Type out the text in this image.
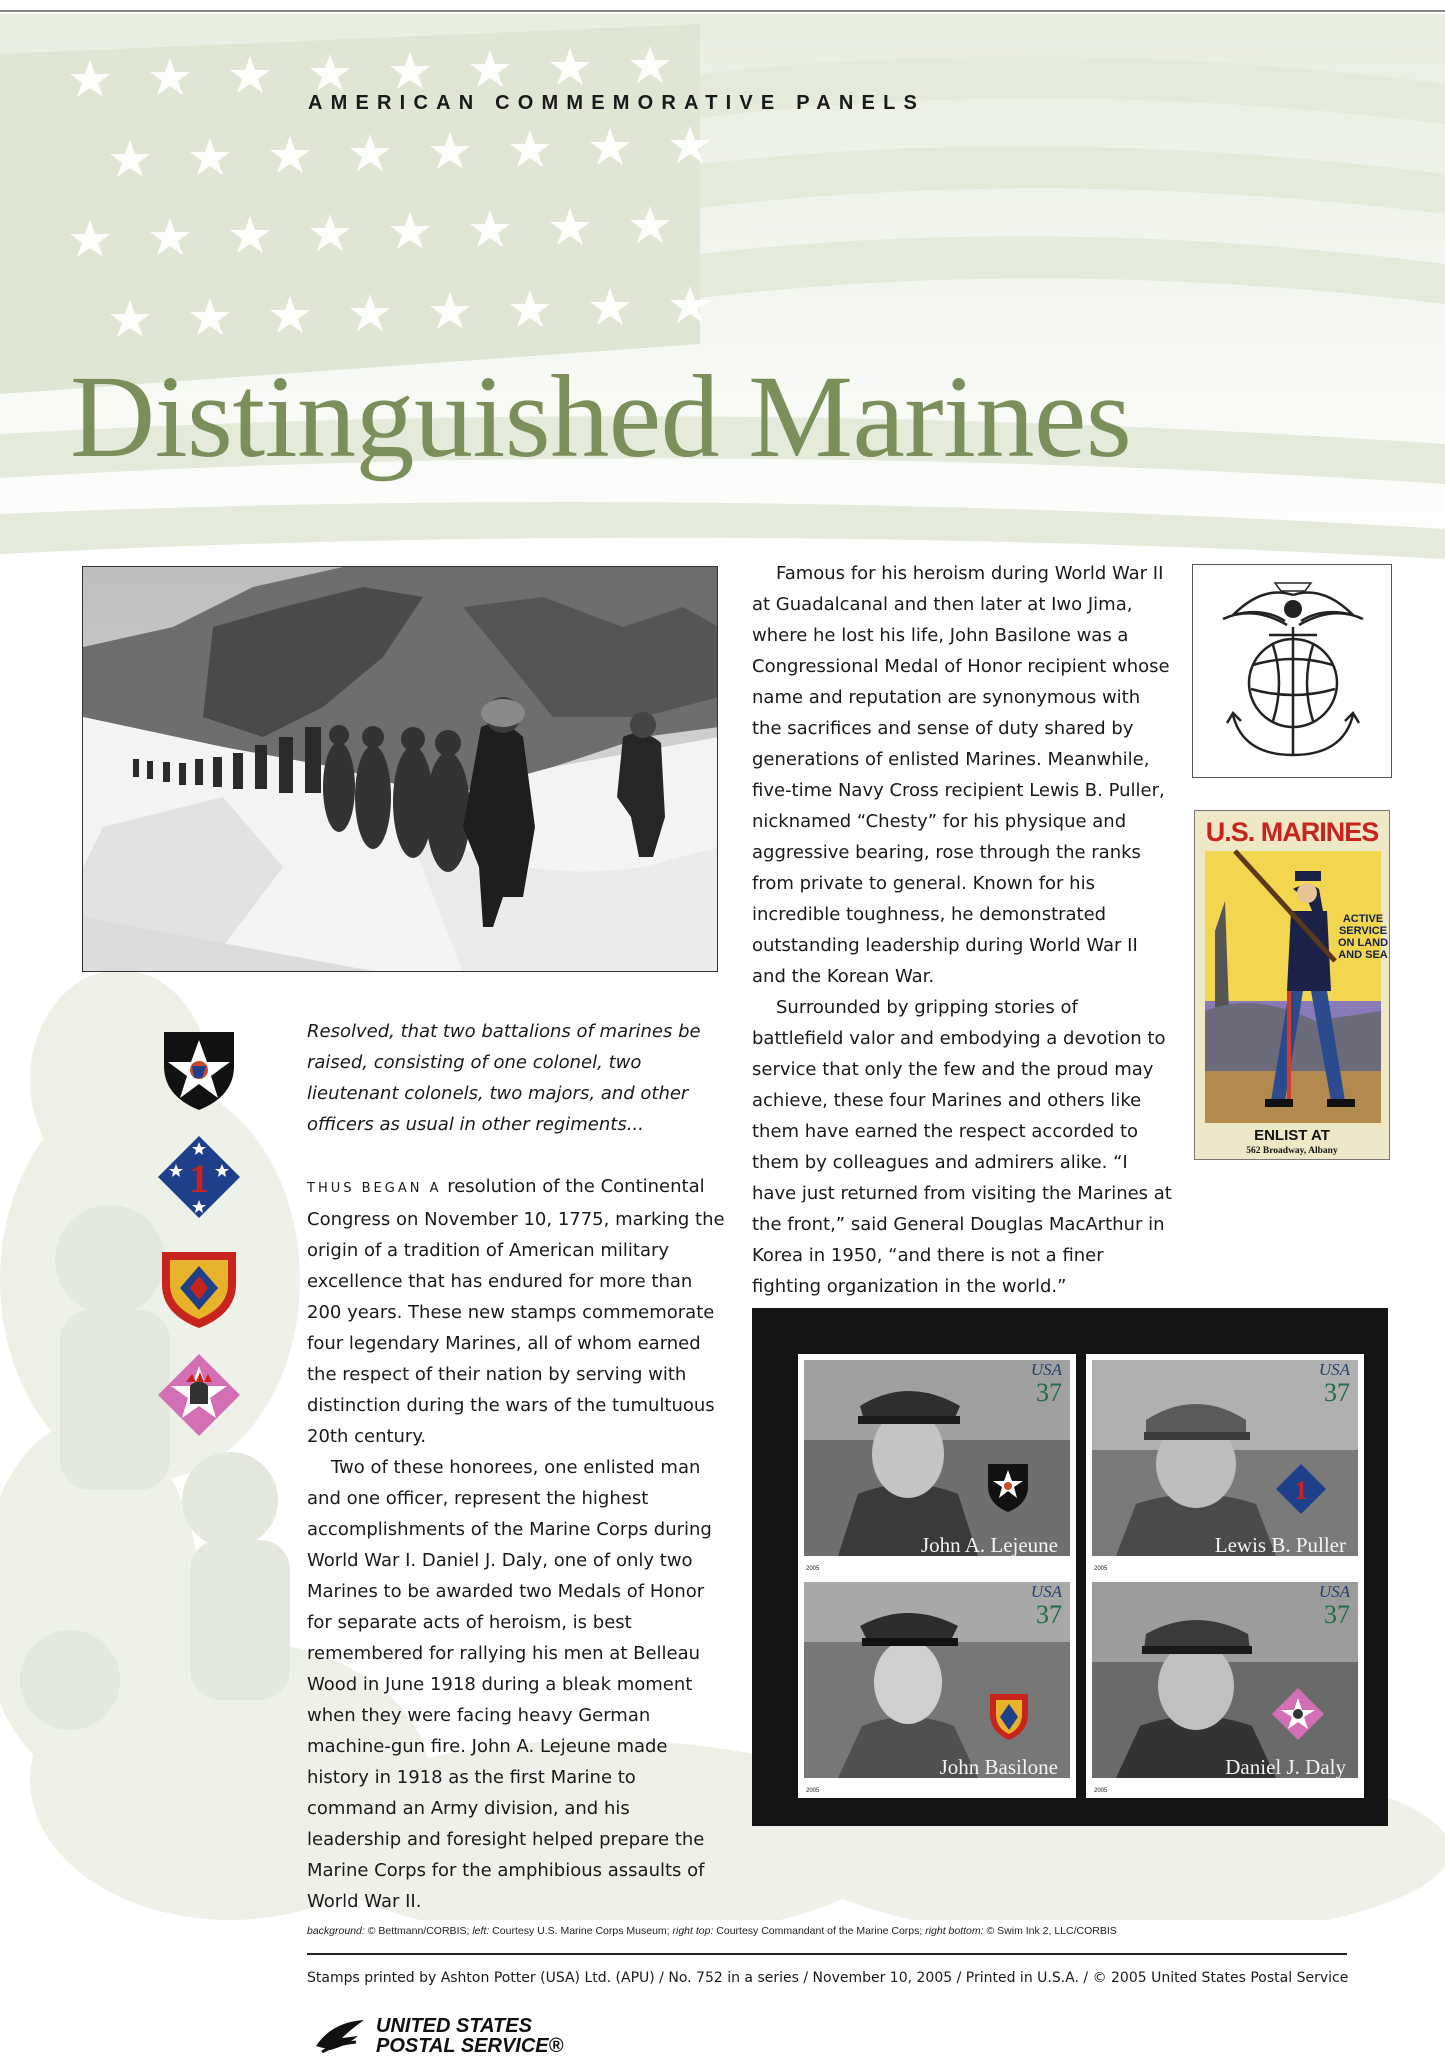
AMERICAN COMMEMORATIVE PANELS
Distinguished Marines
U.S. MARINES
ACTIVE
SERVICE
ON LAND
AND SEA
ENLIST AT
562 Broadway, Albany
1

Resolved, that two battalions of marines be raised, consisting of one colonel, two lieutenant colonels, two majors, and other officers as usual in other regiments...

THUS BEGAN A resolution of the Continental Congress on November 10, 1775, marking the origin of a tradition of American military excellence that has endured for more than 200 years. These new stamps commemorate four legendary Marines, all of whom earned the respect of their nation by serving with distinction during the wars of the tumultuous 20th century.

Two of these honorees, one enlisted man and one officer, represent the highest accomplishments of the Marine Corps during World War I. Daniel J. Daly, one of only two Marines to be awarded two Medals of Honor for separate acts of heroism, is best remembered for rallying his men at Belleau Wood in June 1918 during a bleak moment when they were facing heavy German machine-gun fire. John A. Lejeune made history in 1918 as the first Marine to command an Army division, and his leadership and foresight helped prepare the Marine Corps for the amphibious assaults of World War II.

Famous for his heroism during World War II at Guadalcanal and then later at Iwo Jima, where he lost his life, John Basilone was a Congressional Medal of Honor recipient whose name and reputation are synonymous with the sacrifices and sense of duty shared by generations of enlisted Marines. Meanwhile, five-time Navy Cross recipient Lewis B. Puller, nicknamed “Chesty” for his physique and aggressive bearing, rose through the ranks from private to general. Known for his incredible toughness, he demonstrated outstanding leadership during World War II and the Korean War.

Surrounded by gripping stories of battlefield valor and embodying a devotion to service that only the few and the proud may achieve, these four Marines and others like them have earned the respect accorded to them by colleagues and admirers alike. “I have just returned from visiting the Marines at the front,” said General Douglas MacArthur in Korea in 1950, “and there is not a finer fighting organization in the world.”

USA
37
John A. Lejeune
2005
1
USA
37
Lewis B. Puller
2005
USA
37
John Basilone
2005
USA
37
Daniel J. Daly
2005

background: © Bettmann/CORBIS; left: Courtesy U.S. Marine Corps Museum; right top: Courtesy Commandant of the Marine Corps; right bottom: © Swim Ink 2, LLC/CORBIS

Stamps printed by Ashton Potter (USA) Ltd. (APU) / No. 752 in a series / November 10, 2005 / Printed in U.S.A. / © 2005 United States Postal Service

UNITED STATES
POSTAL SERVICE®
